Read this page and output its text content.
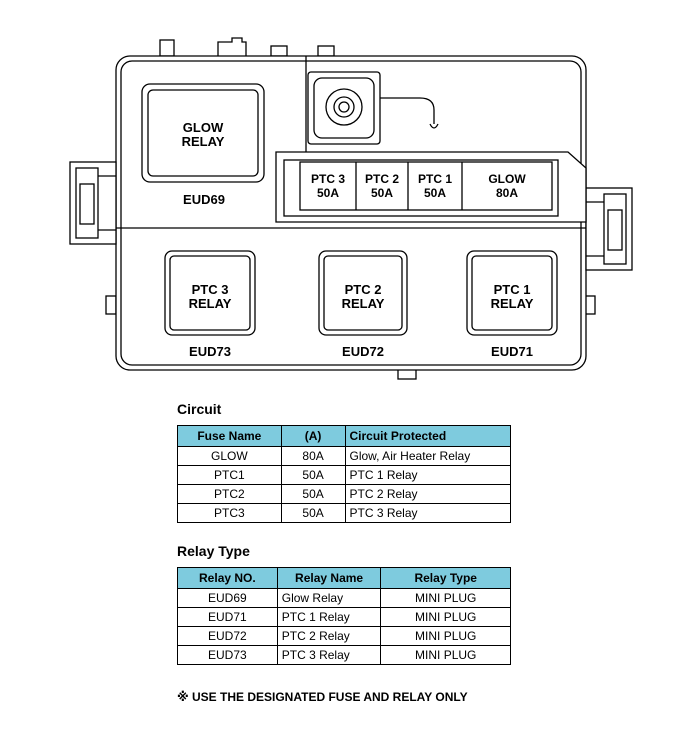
GLOW
RELAY
EUD69
PTC 3
RELAY
EUD73
PTC 2
RELAY
EUD72
PTC 1
RELAY
EUD71
PTC 3
50A
PTC 2
50A
PTC 1
50A
GLOW
80A
Circuit
Fuse Name	(A)	Circuit Protected
GLOW	80A	Glow, Air Heater Relay
PTC1	50A	PTC 1 Relay
PTC2	50A	PTC 2 Relay
PTC3	50A	PTC 3 Relay
Relay Type
Relay NO.	Relay Name	Relay Type
EUD69	Glow Relay	MINI PLUG
EUD71	PTC 1 Relay	MINI PLUG
EUD72	PTC 2 Relay	MINI PLUG
EUD73	PTC 3 Relay	MINI PLUG

※ USE THE DESIGNATED FUSE AND RELAY ONLY
